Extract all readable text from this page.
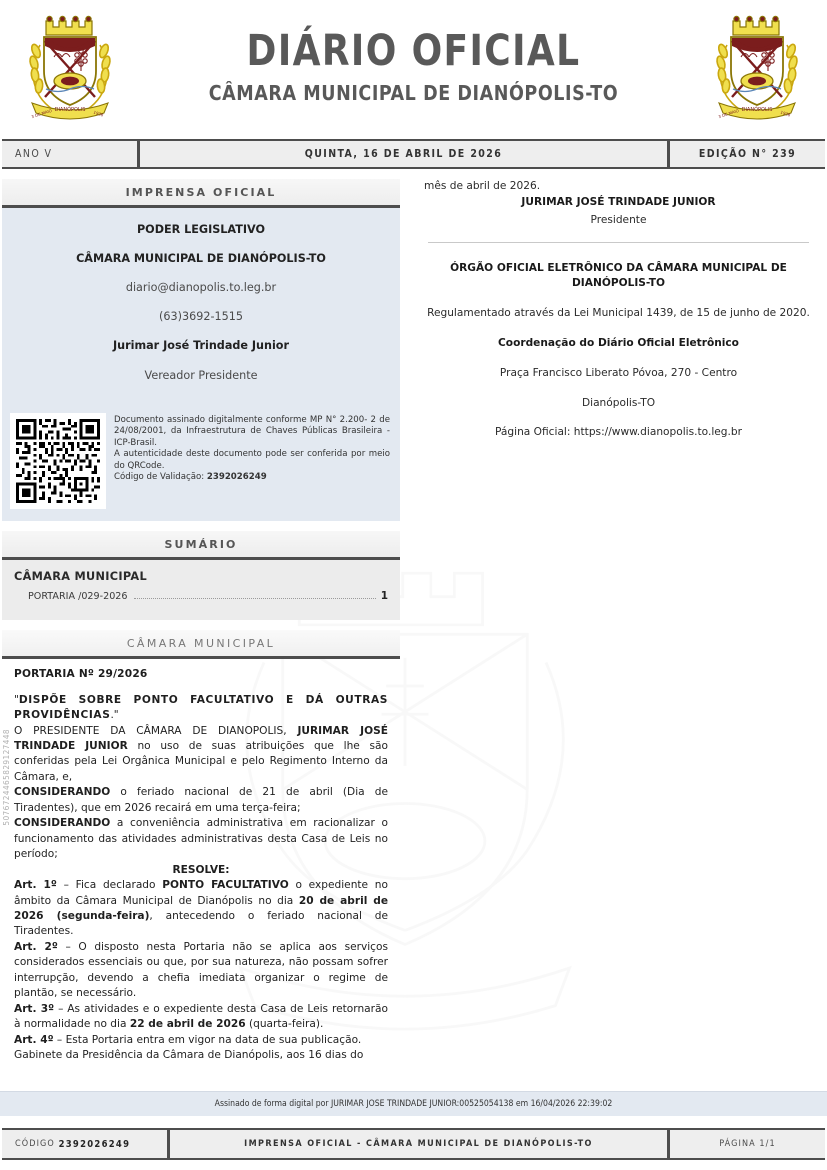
DIANÓPOLIS
3 DE MAIO	1938
DIÁRIO OFICIAL
CÂMARA MUNICIPAL DE DIANÓPOLIS-TO
DIANÓPOLIS
3 DE MAIO	1938
ANO V	QUINTA, 16 DE ABRIL DE 2026	EDIÇÃO N° 239
5076724465829127448
IMPRENSA OFICIAL
PODER LEGISLATIVO
CÂMARA MUNICIPAL DE DIANÓPOLIS-TO
diario@dianopolis.to.leg.br
(63)3692-1515
Jurimar José Trindade Junior
Vereador Presidente
Documento assinado digitalmente conforme MP N° 2.200- 2 de 24/08/2001, da Infraestrutura de Chaves Públicas Brasileira - ICP-Brasil.
A autenticidade deste documento pode ser conferida por meio do QRCode.
Código de Validação: 2392026249
SUMÁRIO
CÂMARA MUNICIPAL
PORTARIA /029-2026	1
CÂMARA MUNICIPAL
PORTARIA Nº 29/2026

"DISPÕE SOBRE PONTO FACULTATIVO E DÁ OUTRAS PROVIDÊNCIAS."

O PRESIDENTE DA CÂMARA DE DIANOPOLIS, JURIMAR JOSÉ TRINDADE JUNIOR no uso de suas atribuições que lhe são conferidas pela Lei Orgânica Municipal e pelo Regimento Interno da Câmara, e,

CONSIDERANDO o feriado nacional de 21 de abril (Dia de Tiradentes), que em 2026 recairá em uma terça-feira;

CONSIDERANDO a conveniência administrativa em racionalizar o funcionamento das atividades administrativas desta Casa de Leis no período;

RESOLVE:

Art. 1º – Fica declarado PONTO FACULTATIVO o expediente no âmbito da Câmara Municipal de Dianópolis no dia 20 de abril de 2026 (segunda-feira), antecedendo o feriado nacional de Tiradentes.

Art. 2º – O disposto nesta Portaria não se aplica aos serviços considerados essenciais ou que, por sua natureza, não possam sofrer interrupção, devendo a chefia imediata organizar o regime de plantão, se necessário.

Art. 3º – As atividades e o expediente desta Casa de Leis retornarão à normalidade no dia 22 de abril de 2026 (quarta-feira).

Art. 4º – Esta Portaria entra em vigor na data de sua publicação.

Gabinete da Presidência da Câmara de Dianópolis, aos 16 dias do

mês de abril de 2026.

JURIMAR JOSÉ TRINDADE JUNIOR

Presidente

ÓRGÃO OFICIAL ELETRÔNICO DA CÂMARA MUNICIPAL DE DIANÓPOLIS-TO

Regulamentado através da Lei Municipal 1439, de 15 de junho de 2020.

Coordenação do Diário Oficial Eletrônico

Praça Francisco Liberato Póvoa, 270 - Centro

Dianópolis-TO

Página Oficial: https://www.dianopolis.to.leg.br

Assinado de forma digital por JURIMAR JOSE TRINDADE JUNIOR:00525054138 em 16/04/2026 22:39:02
CÓDIGO
2392026249	IMPRENSA OFICIAL - CÂMARA MUNICIPAL DE DIANÓPOLIS-TO	PÁGINA 1/1
